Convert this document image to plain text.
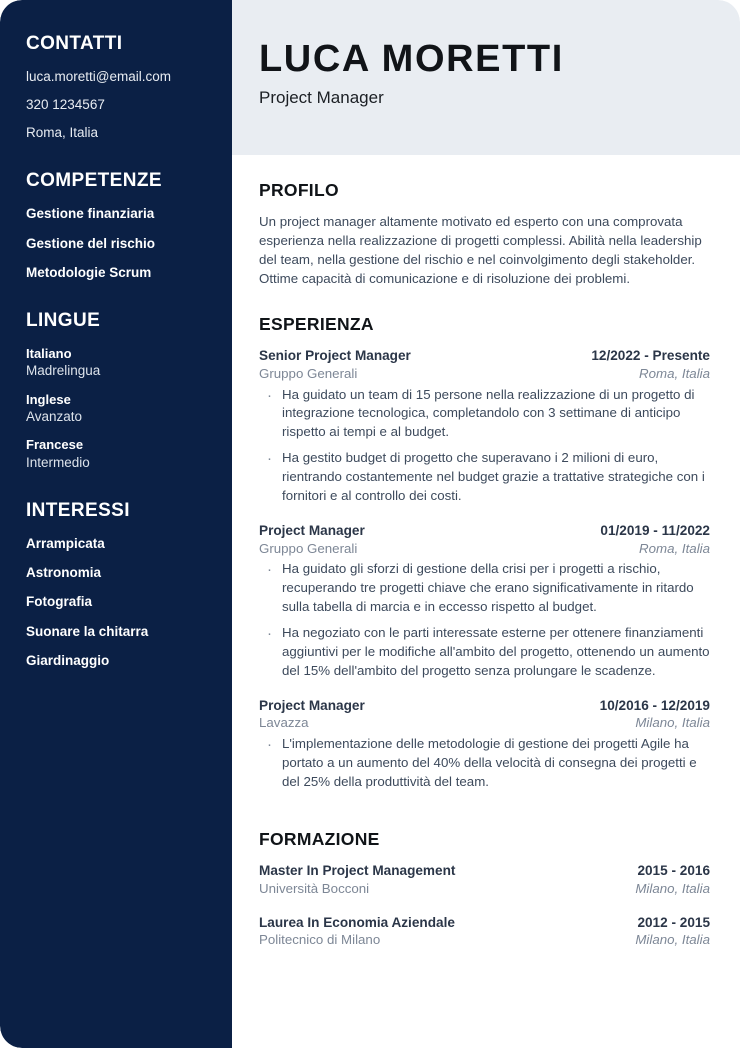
CONTATTI
luca.moretti@email.com
320 1234567
Roma, Italia
COMPETENZE
Gestione finanziaria
Gestione del rischio
Metodologie Scrum
LINGUE
Italiano
Madrelingua
Inglese
Avanzato
Francese
Intermedio
INTERESSI
Arrampicata
Astronomia
Fotografia
Suonare la chitarra
Giardinaggio
LUCA MORETTI
Project Manager
PROFILO

Un project manager altamente motivato ed esperto con una comprovata esperienza nella realizzazione di progetti complessi. Abilità nella leadership del team, nella gestione del rischio e nel coinvolgimento degli stakeholder. Ottime capacità di comunicazione e di risoluzione dei problemi.

ESPERIENZA
Senior Project Manager	12/2022 - Presente
Gruppo Generali	Roma, Italia
· Ha guidato un team di 15 persone nella realizzazione di un progetto di integrazione tecnologica, completandolo con 3 settimane di anticipo rispetto ai tempi e al budget.
· Ha gestito budget di progetto che superavano i 2 milioni di euro, rientrando costantemente nel budget grazie a trattative strategiche con i fornitori e al controllo dei costi.
Project Manager	01/2019 - 11/2022
Gruppo Generali	Roma, Italia
· Ha guidato gli sforzi di gestione della crisi per i progetti a rischio, recuperando tre progetti chiave che erano significativamente in ritardo sulla tabella di marcia e in eccesso rispetto al budget.
· Ha negoziato con le parti interessate esterne per ottenere finanziamenti aggiuntivi per le modifiche all'ambito del progetto, ottenendo un aumento del 15% dell'ambito del progetto senza prolungare le scadenze.
Project Manager	10/2016 - 12/2019
Lavazza	Milano, Italia
· L'implementazione delle metodologie di gestione dei progetti Agile ha portato a un aumento del 40% della velocità di consegna dei progetti e del 25% della produttività del team.
FORMAZIONE
Master In Project Management	2015 - 2016
Università Bocconi	Milano, Italia
Laurea In Economia Aziendale	2012 - 2015
Politecnico di Milano	Milano, Italia
